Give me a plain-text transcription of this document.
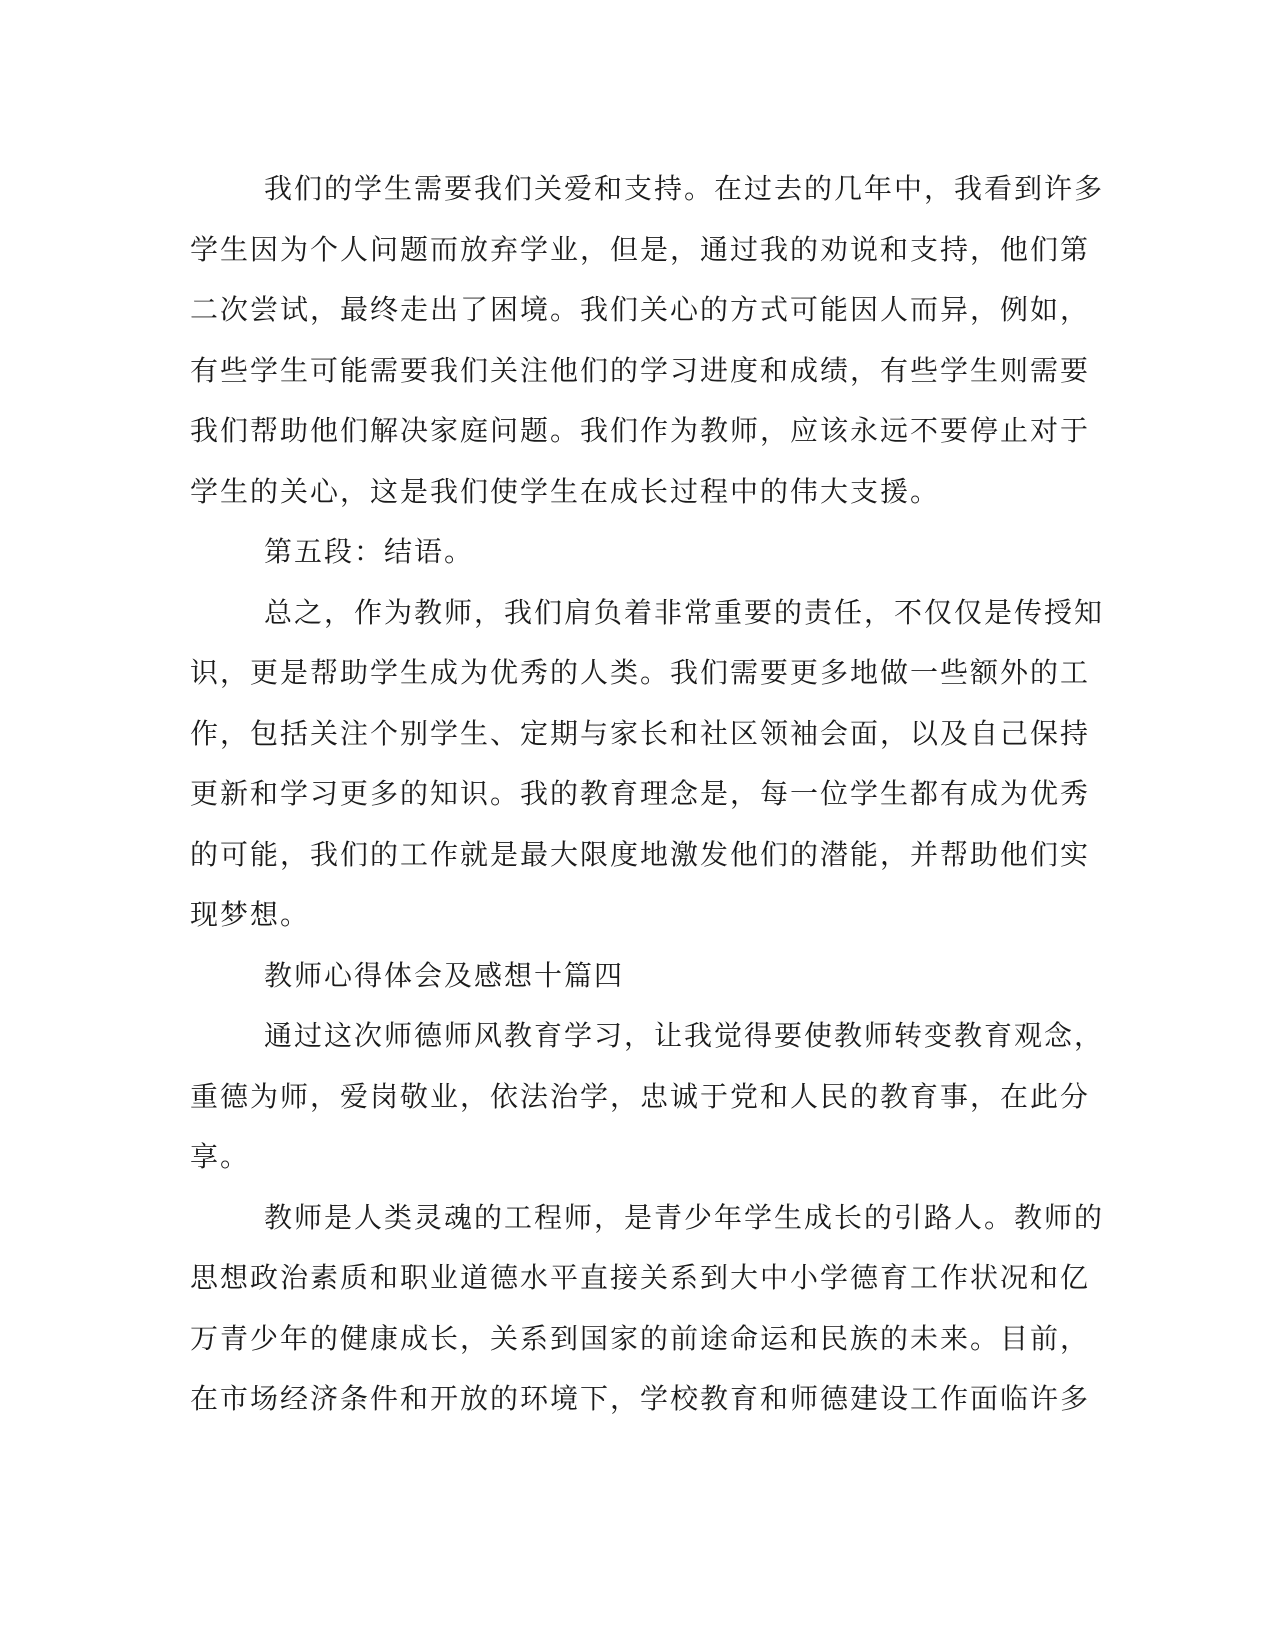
我们的学生需要我们关爱和支持。在过去的几年中，我看到许多
学生因为个人问题而放弃学业，但是，通过我的劝说和支持，他们第
二次尝试，最终走出了困境。我们关心的方式可能因人而异，例如，
有些学生可能需要我们关注他们的学习进度和成绩，有些学生则需要
我们帮助他们解决家庭问题。我们作为教师，应该永远不要停止对于
学生的关心，这是我们使学生在成长过程中的伟大支援。
第五段：结语。
总之，作为教师，我们肩负着非常重要的责任，不仅仅是传授知
识，更是帮助学生成为优秀的人类。我们需要更多地做一些额外的工
作，包括关注个别学生、定期与家长和社区领袖会面，以及自己保持
更新和学习更多的知识。我的教育理念是，每一位学生都有成为优秀
的可能，我们的工作就是最大限度地激发他们的潜能，并帮助他们实
现梦想。
教师心得体会及感想十篇四
通过这次师德师风教育学习，让我觉得要使教师转变教育观念，
重德为师，爱岗敬业，依法治学，忠诚于党和人民的教育事，在此分
享。
教师是人类灵魂的工程师，是青少年学生成长的引路人。教师的
思想政治素质和职业道德水平直接关系到大中小学德育工作状况和亿
万青少年的健康成长，关系到国家的前途命运和民族的未来。目前，
在市场经济条件和开放的环境下，学校教育和师德建设工作面临许多
